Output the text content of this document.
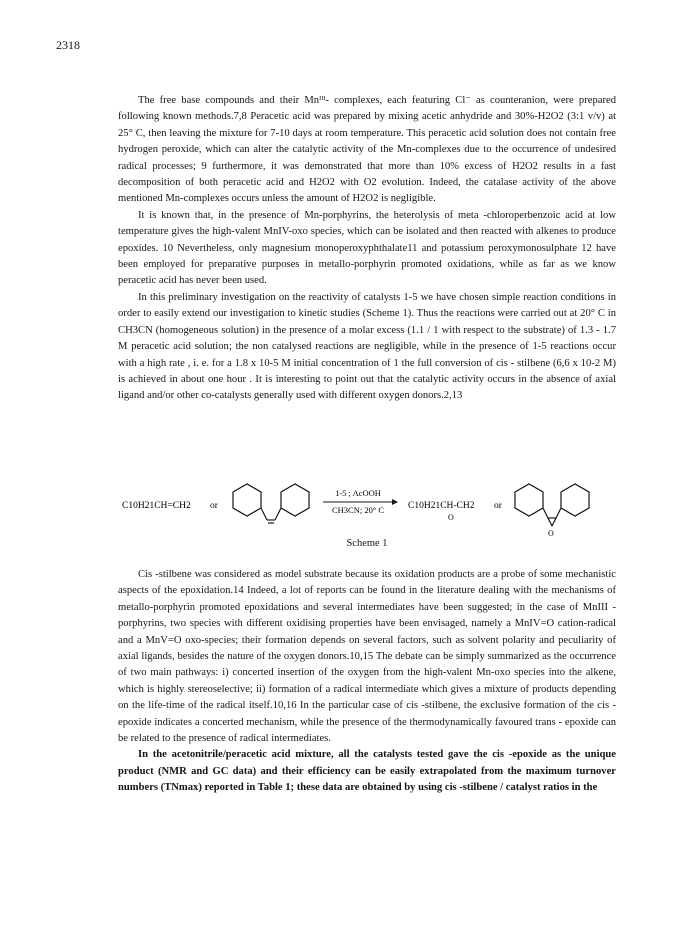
2318

The free base compounds and their Mnᴵᴵᴵ- complexes, each featuring Cl⁻ as counteranion, were prepared following known methods.7,8 Peracetic acid was prepared by mixing acetic anhydride and 30%-H2O2 (3:1 v/v) at 25° C, then leaving the mixture for 7-10 days at room temperature. This peracetic acid solution does not contain free hydrogen peroxide, which can alter the catalytic activity of the Mn-complexes due to the occurrence of undesired radical processes; 9 furthermore, it was demonstrated that more than 10% excess of H2O2 results in a fast decomposition of both peracetic acid and H2O2 with O2 evolution. Indeed, the catalase activity of the above mentioned Mn-complexes occurs unless the amount of H2O2 is negligible.

It is known that, in the presence of Mn-porphyrins, the heterolysis of meta -chloroperbenzoic acid at low temperature gives the high-valent MnIV-oxo species, which can be isolated and then reacted with alkenes to produce epoxides. 10 Nevertheless, only magnesium monoperoxyphthalate11 and potassium peroxymonosulphate 12 have been employed for preparative purposes in metallo-porphyrin promoted oxidations, while as far as we know peracetic acid has never been used.

In this preliminary investigation on the reactivity of catalysts 1-5 we have chosen simple reaction conditions in order to easily extend our investigation to kinetic studies (Scheme 1). Thus the reactions were carried out at 20° C in CH3CN (homogeneous solution) in the presence of a molar excess (1.1 / 1 with respect to the substrate) of 1.3 - 1.7 M peracetic acid solution; the non catalysed reactions are negligible, while in the presence of 1-5 reactions occur with a high rate , i. e. for a 1.8 x 10-5 M initial concentration of 1 the full conversion of cis - stilbene (6,6 x 10-2 M) is achieved in about one hour . It is interesting to point out that the catalytic activity occurs in the absence of axial ligand and/or other co-catalysts generally used with different oxygen donors.2,13

C10H21CH=CH2 or
1-5 ; AcOOH
CH3CN; 20° C	C10H21CH-CH2
O
or
O
Scheme 1

Cis -stilbene was considered as model substrate because its oxidation products are a probe of some mechanistic aspects of the epoxidation.14 Indeed, a lot of reports can be found in the literature dealing with the mechanisms of metallo-porphyrin promoted epoxidations and several intermediates have been suggested; in the case of MnIII -porphyrins, two species with different oxidising properties have been envisaged, namely a MnIV=O cation-radical and a MnV=O oxo-species; their formation depends on several factors, such as solvent polarity and peculiarity of axial ligands, besides the nature of the oxygen donors.10,15 The debate can be simply summarized as the occurrence of two main pathways: i) concerted insertion of the oxygen from the high-valent Mn-oxo species into the alkene, which is highly stereoselective; ii) formation of a radical intermediate which gives a mixture of products depending on the life-time of the radical itself.10,16 In the particular case of cis -stilbene, the exclusive formation of the cis - epoxide indicates a concerted mechanism, while the presence of the thermodynamically favoured trans - epoxide can be related to the presence of radical intermediates.

In the acetonitrile/peracetic acid mixture, all the catalysts tested gave the cis -epoxide as the unique product (NMR and GC data) and their efficiency can be easily extrapolated from the maximum turnover numbers (TNmax) reported in Table 1; these data are obtained by using cis -stilbene / catalyst ratios in the
